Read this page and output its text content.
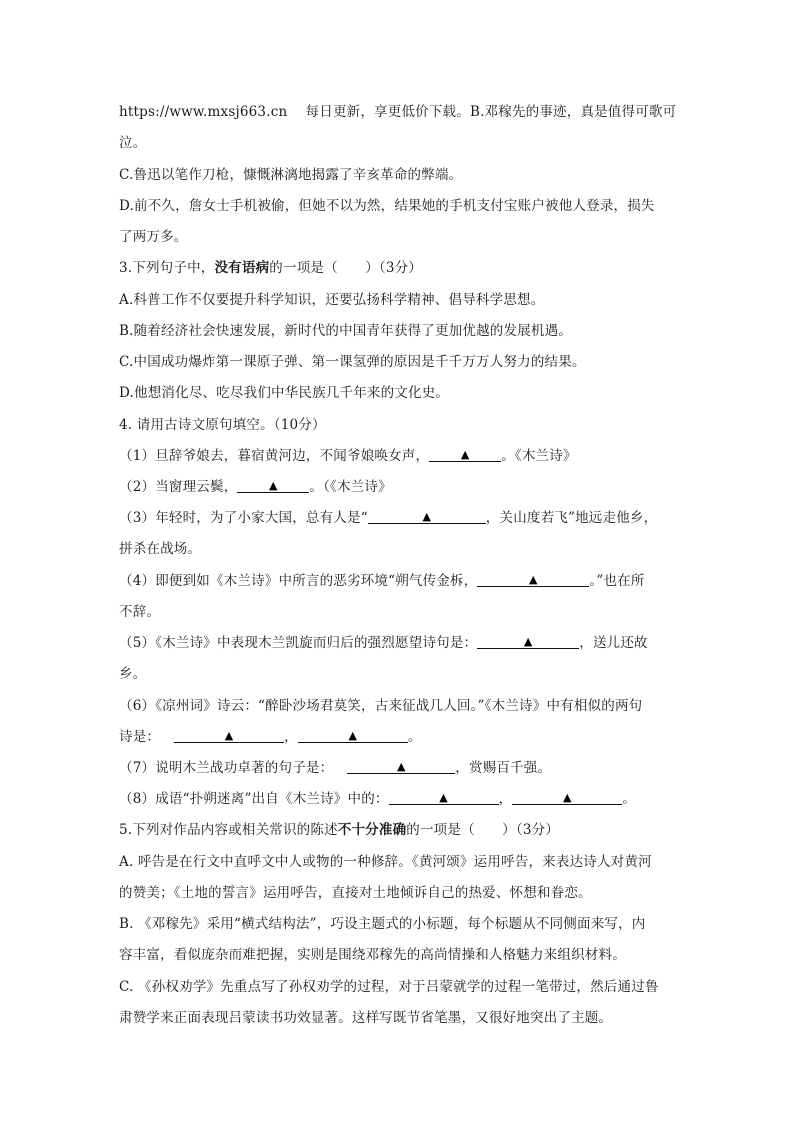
https://www.mxsj663.cn　 每日更新，享更低价下载。B.邓稼先的事迹，真是值得可歌可
泣。
C.鲁迅以笔作刀枪，慷慨淋漓地揭露了辛亥革命的弊端。
D.前不久，詹女士手机被偷，但她不以为然，结果她的手机支付宝账户被他人登录，损失
了两万多。
3.下列句子中，没有语病的一项是（　　）（3分）
A.科普工作不仅要提升科学知识，还要弘扬科学精神、倡导科学思想。
B.随着经济社会快速发展，新时代的中国青年获得了更加优越的发展机遇。
C.中国成功爆炸第一课原子弹、第一课氢弹的原因是千千万万人努力的结果。
D.他想消化尽、吃尽我们中华民族几千年来的文化史。
4. 请用古诗文原句填空。（10分）
（1）旦辞爷娘去，暮宿黄河边，不闻爷娘唤女声，	▲ 。《木兰诗》
（2）当窗理云鬓，	▲ 。（《木兰诗》
（3）年轻时，为了小家大国，总有人是“	▲	，关山度若飞”地远走他乡，
拼杀在战场。
（4）即便到如《木兰诗》中所言的恶劣环境“朔气传金柝，	▲	。”也在所
不辞。
（5）《木兰诗》中表现木兰凯旋而归后的强烈愿望诗句是：	▲	，送儿还故
乡。
（6）《凉州词》诗云：“醉卧沙场君莫笑，古来征战几人回。”《木兰诗》中有相似的两句
诗是：	▲	，	▲	。
（7）说明木兰战功卓著的句子是：	▲	，赏赐百千强。
（8）成语“扑朔迷离”出自《木兰诗》中的：	▲	，	▲	。
5.下列对作品内容或相关常识的陈述不十分准确的一项是（　　）（3分）
A. 呼告是在行文中直呼文中人或物的一种修辞。《黄河颂》运用呼告，来表达诗人对黄河
的赞美；《土地的誓言》运用呼告，直接对土地倾诉自己的热爱、怀想和眷恋。
B. 《邓稼先》采用“横式结构法”，巧设主题式的小标题，每个标题从不同侧面来写，内
容丰富，看似庞杂而难把握，实则是围绕邓稼先的高尚情操和人格魅力来组织材料。
C. 《孙权劝学》先重点写了孙权劝学的过程，对于吕蒙就学的过程一笔带过，然后通过鲁
肃赞学来正面表现吕蒙读书功效显著。这样写既节省笔墨，又很好地突出了主题。
